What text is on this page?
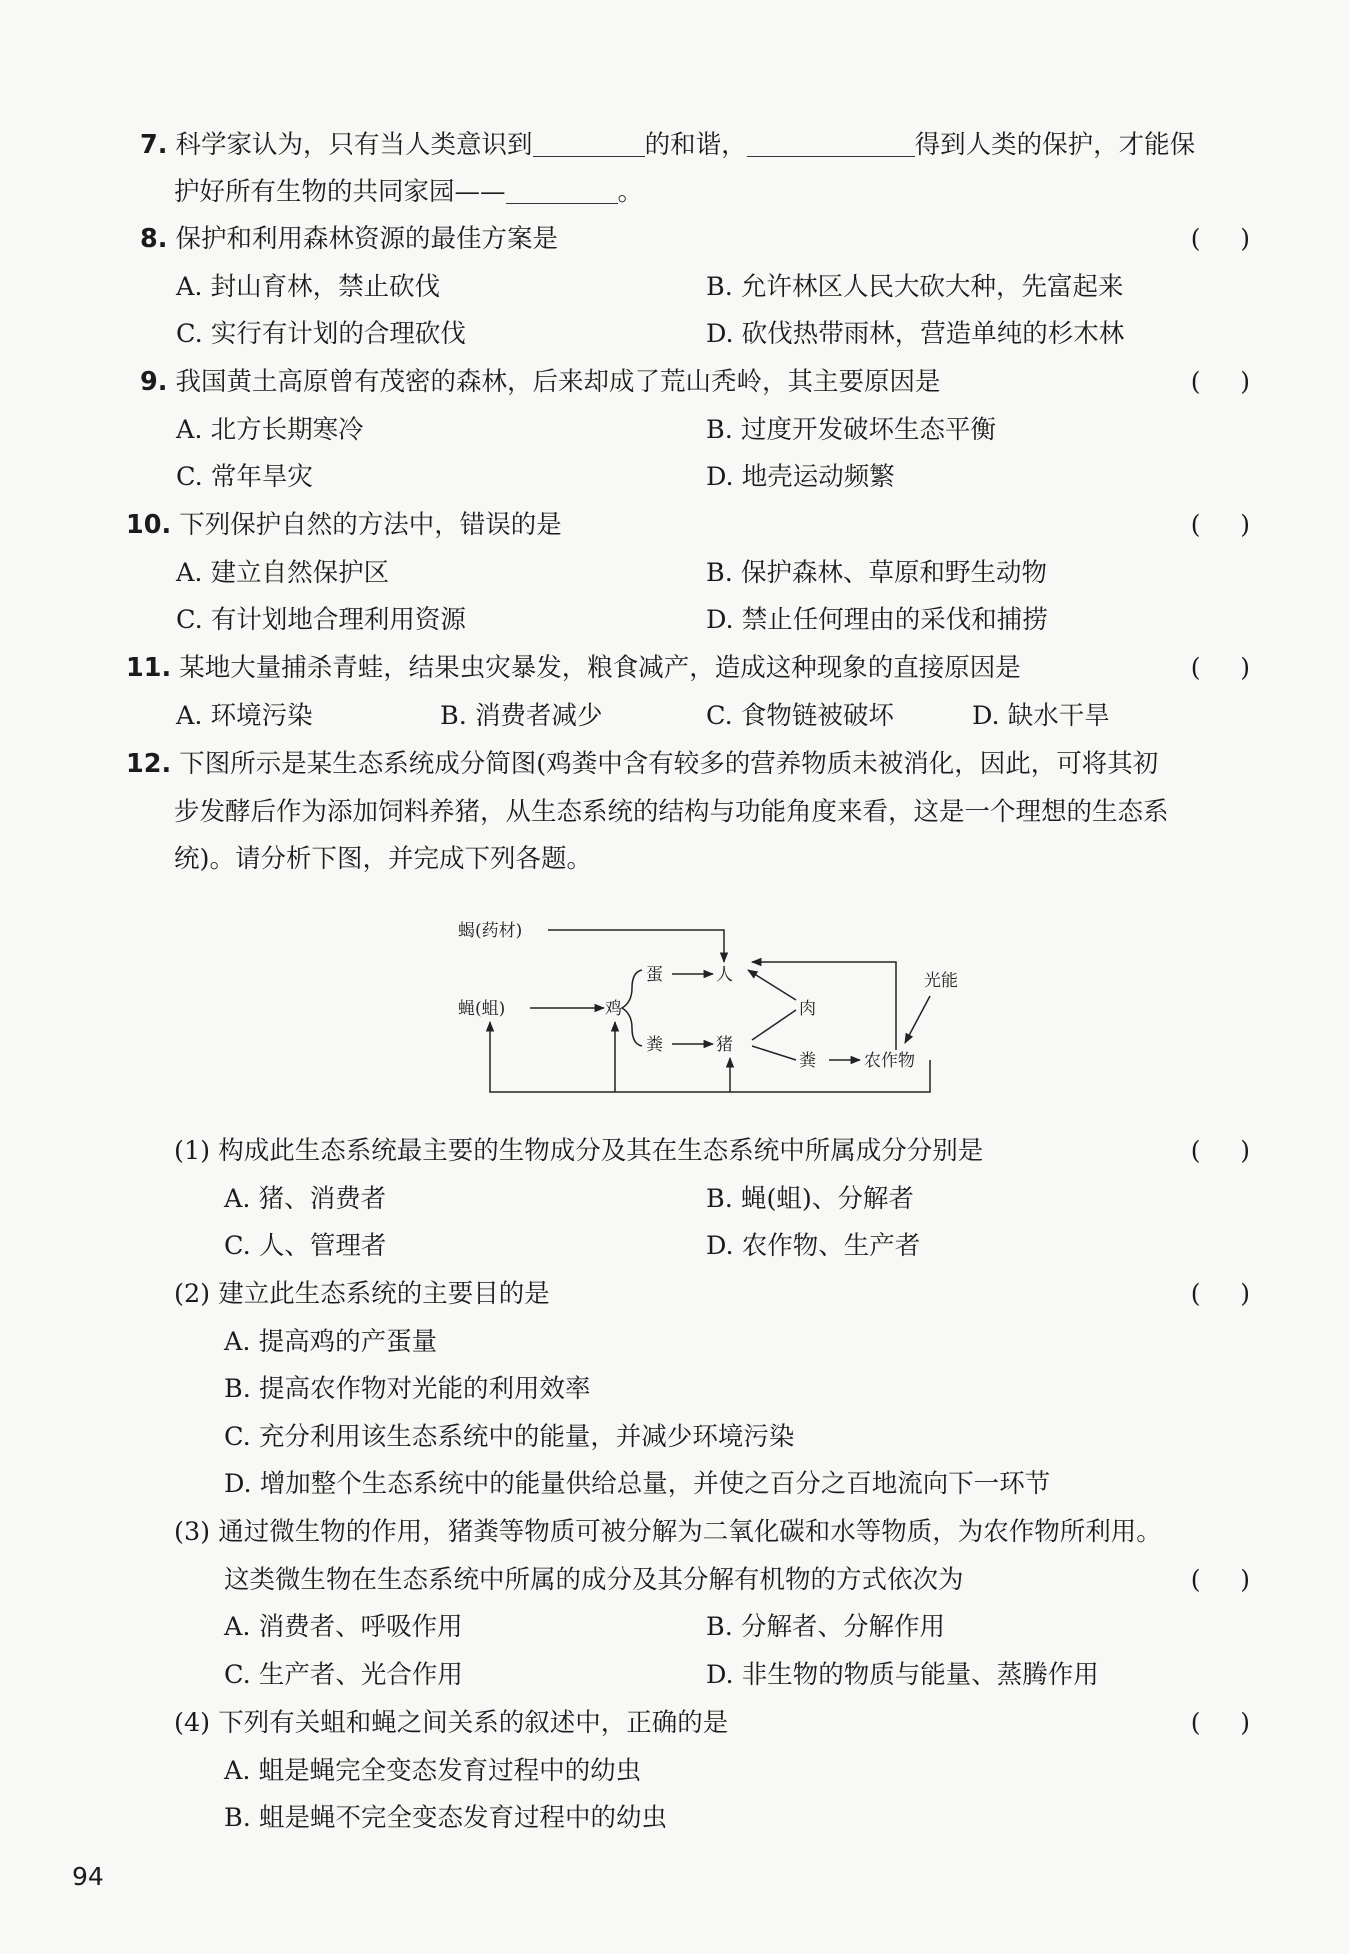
7. 科学家认为，只有当人类意识到	的和谐，	得到人类的保护，才能保
护好所有生物的共同家园——	。
8. 保护和利用森林资源的最佳方案是	(     )
A. 封山育林，禁止砍伐	B. 允许林区人民大砍大种，先富起来
C. 实行有计划的合理砍伐	D. 砍伐热带雨林，营造单纯的杉木林
9. 我国黄土高原曾有茂密的森林，后来却成了荒山秃岭，其主要原因是	(     )
A. 北方长期寒冷	B. 过度开发破坏生态平衡
C. 常年旱灾	D. 地壳运动频繁
10. 下列保护自然的方法中，错误的是	(     )
A. 建立自然保护区	B. 保护森林、草原和野生动物
C. 有计划地合理利用资源	D. 禁止任何理由的采伐和捕捞
11. 某地大量捕杀青蛙，结果虫灾暴发，粮食减产，造成这种现象的直接原因是	(     )
A. 环境污染	B. 消费者减少	C. 食物链被破坏	D. 缺水干旱
12. 下图所示是某生态系统成分简图(鸡粪中含有较多的营养物质未被消化，因此，可将其初
步发酵后作为添加饲料养猪，从生态系统的结构与功能角度来看，这是一个理想的生态系
统)。请分析下图，并完成下列各题。
蝎(药材)
蝇(蛆)	鸡
蛋
粪
人
猪
肉
粪	农作物
光能
(1) 构成此生态系统最主要的生物成分及其在生态系统中所属成分分别是	(     )
A. 猪、消费者	B. 蝇(蛆)、分解者
C. 人、管理者	D. 农作物、生产者
(2) 建立此生态系统的主要目的是	(     )
A. 提高鸡的产蛋量
B. 提高农作物对光能的利用效率
C. 充分利用该生态系统中的能量，并减少环境污染
D. 增加整个生态系统中的能量供给总量，并使之百分之百地流向下一环节
(3) 通过微生物的作用，猪粪等物质可被分解为二氧化碳和水等物质，为农作物所利用。
这类微生物在生态系统中所属的成分及其分解有机物的方式依次为	(     )
A. 消费者、呼吸作用	B. 分解者、分解作用
C. 生产者、光合作用	D. 非生物的物质与能量、蒸腾作用
(4) 下列有关蛆和蝇之间关系的叙述中，正确的是	(     )
A. 蛆是蝇完全变态发育过程中的幼虫
B. 蛆是蝇不完全变态发育过程中的幼虫
94
